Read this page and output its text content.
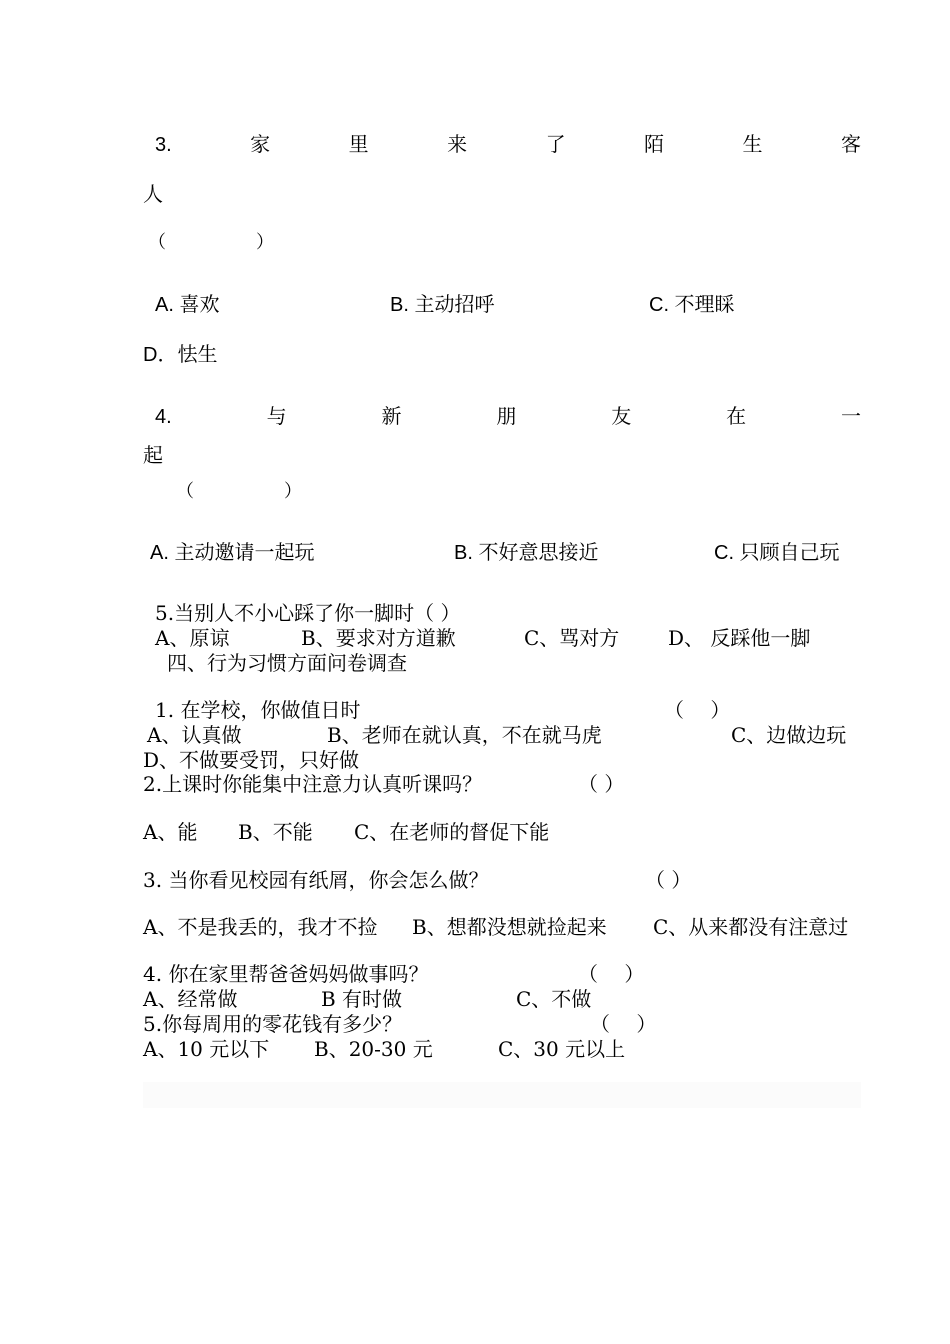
3.	家	里	来	了	陌	生	客
人
（　　　　　）
A. 喜欢	B. 主动招呼	C. 不理睬
D．怯生
4.	与	新	朋	友	在	一
起
（　　　　　）
A. 主动邀请一起玩	B. 不好意思接近	C. 只顾自己玩
5.当别人不小心踩了你一脚时（ ）
A、原谅	B、要求对方道歉	C、骂对方 D、 反踩他一脚
四、行为习惯方面问卷调查
1. 在学校，你做值日时	（　 ）
A、认真做	B、老师在就认真，不在就马虎	C、边做边玩
D、不做要受罚，只好做
2.上课时你能集中注意力认真听课吗？	（ ）
A、能 B、不能 C、在老师的督促下能
3. 当你看见校园有纸屑，你会怎么做？	（ ）
A、不是我丢的，我才不捡 B、想都没想就捡起来 C、从来都没有注意过
4. 你在家里帮爸爸妈妈做事吗？	（　 ）
A、经常做	B 有时做	C、不做
5.你每周用的零花钱有多少？	（　 ）
A、10 元以下 B、20-30 元	C、30 元以上
